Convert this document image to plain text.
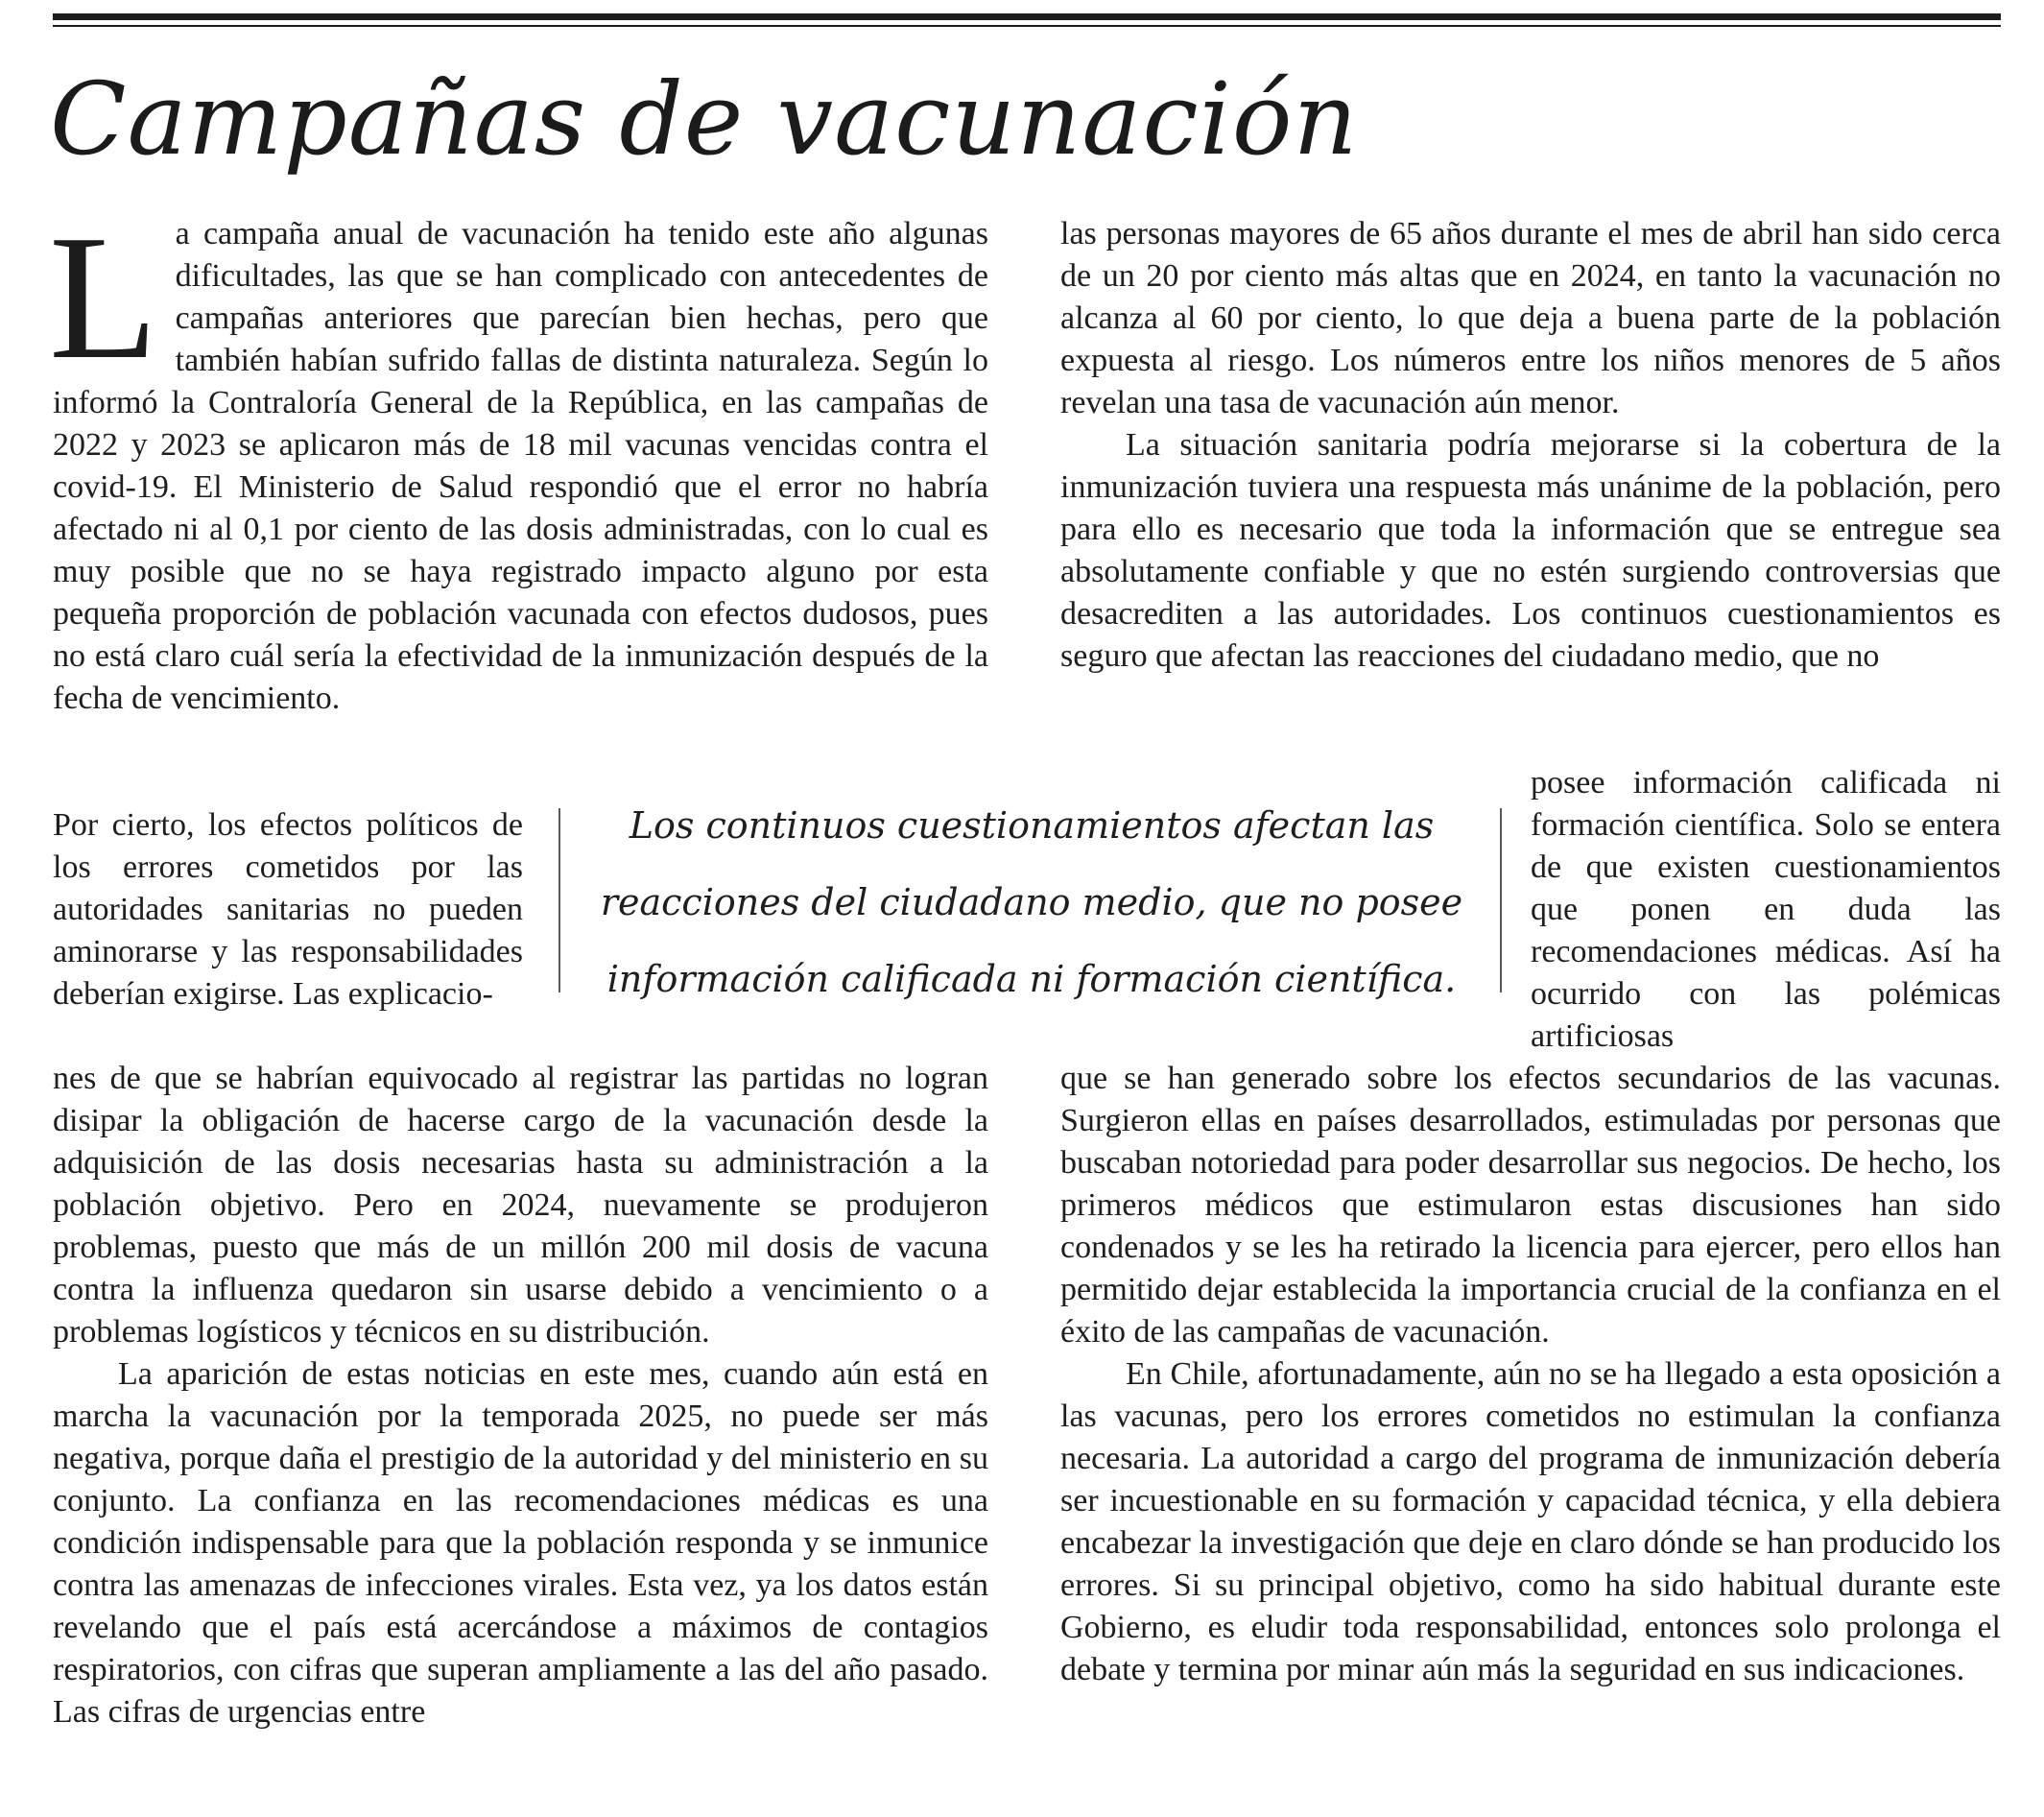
Campañas de vacunación
L a campaña anual de vacunación ha tenido este año algunas dificultades, las que se han complicado con antecedentes de campañas anteriores que parecían bien hechas, pero que también habían sufrido fallas de distinta naturaleza. Según lo informó la Contraloría General de la República, en las campañas de 2022 y 2023 se aplicaron más de 18 mil vacunas vencidas contra el covid-19. El Ministerio de Salud respondió que el error no habría afectado ni al 0,1 por ciento de las dosis administradas, con lo cual es muy posible que no se haya registrado impacto alguno por esta pequeña proporción de población vacunada con efectos dudosos, pues no está claro cuál sería la efectividad de la inmunización después de la fecha de vencimiento.

Por cierto, los efectos políticos de los errores cometidos por las autoridades sanitarias no pueden aminorarse y las responsabilidades deberían exigirse. Las explicacio-

nes de que se habrían equivocado al registrar las partidas no logran disipar la obligación de hacerse cargo de la vacunación desde la adquisición de las dosis necesarias hasta su administración a la población objetivo. Pero en 2024, nuevamente se produjeron problemas, puesto que más de un millón 200 mil dosis de vacuna contra la influenza quedaron sin usarse debido a vencimiento o a problemas logísticos y técnicos en su distribución.

La aparición de estas noticias en este mes, cuando aún está en marcha la vacunación por la temporada 2025, no puede ser más negativa, porque daña el prestigio de la autoridad y del ministerio en su conjunto. La confianza en las recomendaciones médicas es una condición indispensable para que la población responda y se inmunice contra las amenazas de infecciones virales. Esta vez, ya los datos están revelando que el país está acercándose a máximos de contagios respiratorios, con cifras que superan ampliamente a las del año pasado. Las cifras de urgencias entre

las personas mayores de 65 años durante el mes de abril han sido cerca de un 20 por ciento más altas que en 2024, en tanto la vacunación no alcanza al 60 por ciento, lo que deja a buena parte de la población expuesta al riesgo. Los números entre los niños menores de 5 años revelan una tasa de vacunación aún menor.

La situación sanitaria podría mejorarse si la cobertura de la inmunización tuviera una respuesta más unánime de la población, pero para ello es necesario que toda la información que se entregue sea absolutamente confiable y que no estén surgiendo controversias que desacrediten a las autoridades. Los continuos cuestionamientos es seguro que afectan las reacciones del ciudadano medio, que no

posee información calificada ni formación científica. Solo se entera de que existen cuestionamientos que ponen en duda las recomendaciones médicas. Así ha ocurrido con las polémicas artificiosas

que se han generado sobre los efectos secundarios de las vacunas. Surgieron ellas en países desarrollados, estimuladas por personas que buscaban notoriedad para poder desarrollar sus negocios. De hecho, los primeros médicos que estimularon estas discusiones han sido condenados y se les ha retirado la licencia para ejercer, pero ellos han permitido dejar establecida la importancia crucial de la confianza en el éxito de las campañas de vacunación.

En Chile, afortunadamente, aún no se ha llegado a esta oposición a las vacunas, pero los errores cometidos no estimulan la confianza necesaria. La autoridad a cargo del programa de inmunización debería ser incuestionable en su formación y capacidad técnica, y ella debiera encabezar la investigación que deje en claro dónde se han producido los errores. Si su principal objetivo, como ha sido habitual durante este Gobierno, es eludir toda responsabilidad, entonces solo prolonga el debate y termina por minar aún más la seguridad en sus indicaciones.

Los continuos cuestionamientos afectan las reacciones del ciudadano medio, que no posee información calificada ni formación científica.
